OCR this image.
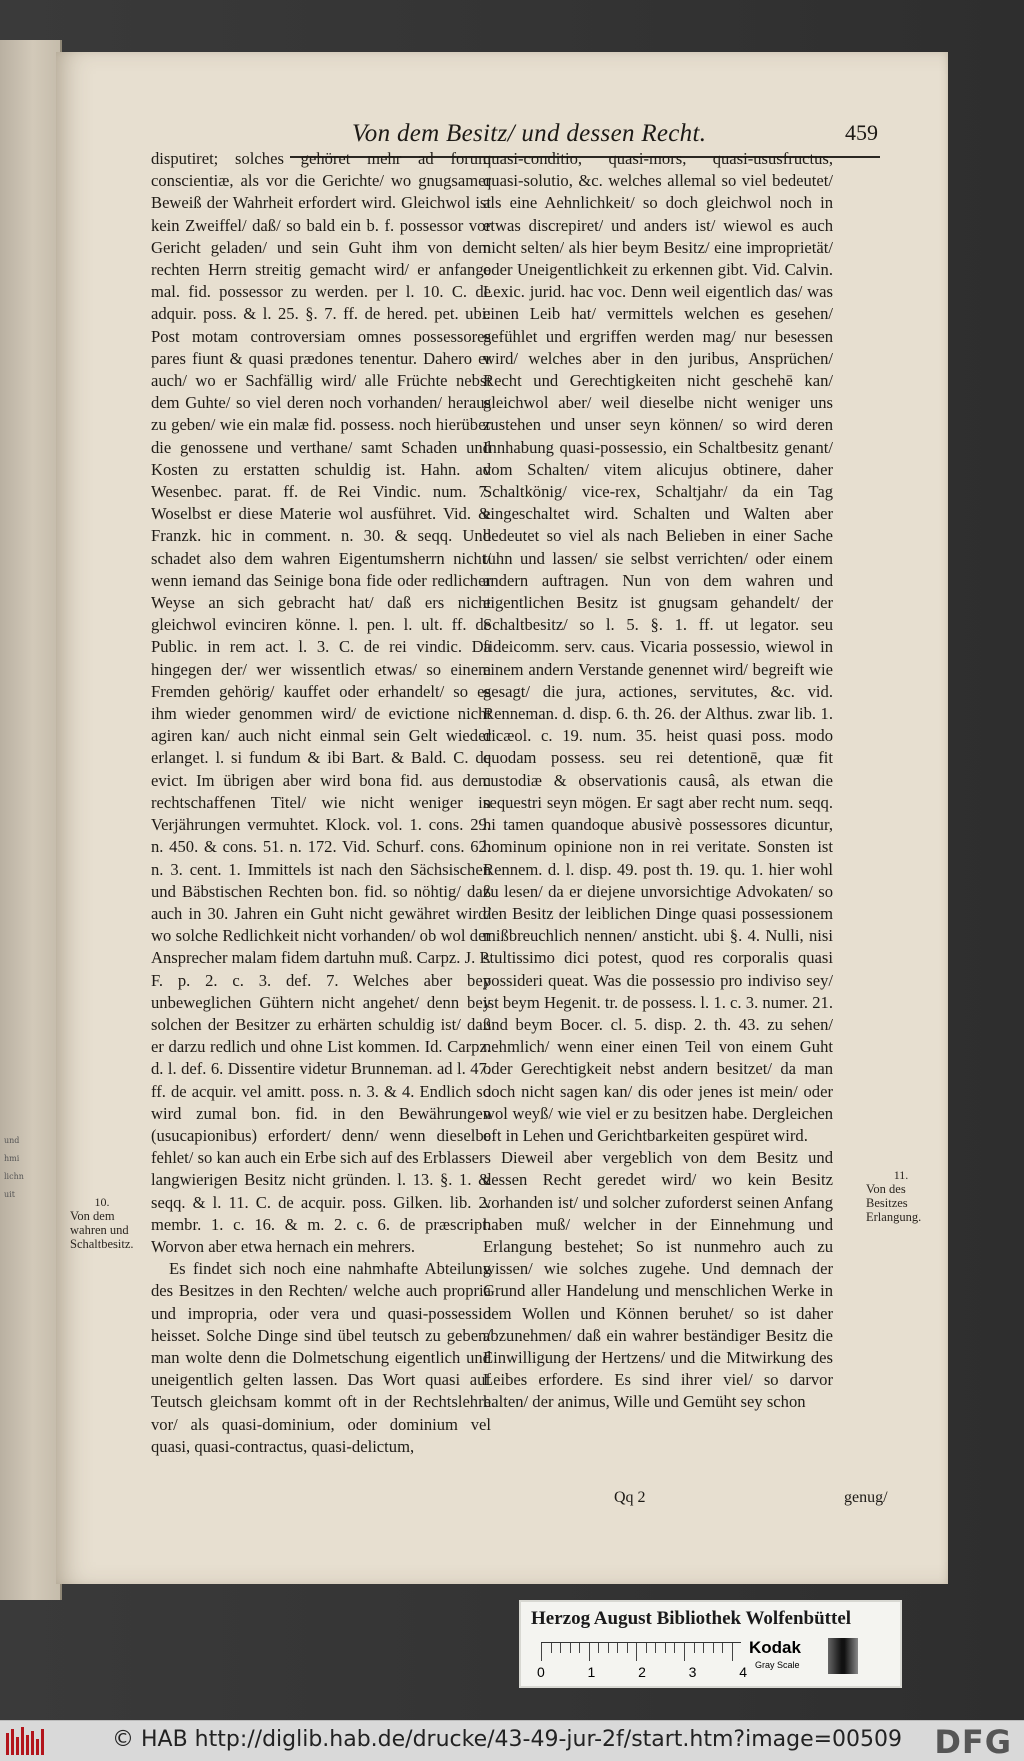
und
hmi
lichn
uit
Von dem Besitz/ und dessen Recht.	459

disputiret; solches gehöret mehr ad forum conscientiæ, als vor die Gerichte/ wo gnugsamer Beweiß der Wahrheit erfordert wird. Gleichwol ist kein Zweiffel/ daß/ so bald ein b. f. possessor vor Gericht geladen/ und sein Guht ihm von dem rechten Herrn streitig gemacht wird/ er anfange mal. fid. possessor zu werden. per l. 10. C. de adquir. poss. & l. 25. §. 7. ff. de hered. pet. ubi: Post motam controversiam omnes possessores pares fiunt & quasi prædones tenentur. Dahero er auch/ wo er Sachfällig wird/ alle Früchte nebst dem Guhte/ so viel deren noch vorhanden/ heraus zu geben/ wie ein malæ fid. possess. noch hierüber die genossene und verthane/ samt Schaden und Kosten zu erstatten schuldig ist. Hahn. ad Wesenbec. parat. ff. de Rei Vindic. num. 7. Woselbst er diese Materie wol ausführet. Vid. & Franzk. hic in comment. n. 30. & seqq. Und schadet also dem wahren Eigentumsherrn nicht/ wenn iemand das Seinige bona fide oder redlicher Weyse an sich gebracht hat/ daß ers nicht gleichwol evinciren könne. l. pen. l. ult. ff. de Public. in rem act. l. 3. C. de rei vindic. Da hingegen der/ wer wissentlich etwas/ so einem Fremden gehörig/ kauffet oder erhandelt/ so es ihm wieder genommen wird/ de evictione nicht agiren kan/ auch nicht einmal sein Gelt wieder erlanget. l. si fundum & ibi Bart. & Bald. C. de evict. Im übrigen aber wird bona fid. aus dem rechtschaffenen Titel/ wie nicht weniger in Verjährungen vermuhtet. Klock. vol. 1. cons. 29. n. 450. & cons. 51. n. 172. Vid. Schurf. cons. 62. n. 3. cent. 1. Immittels ist nach den Sächsischen und Bäbstischen Rechten bon. fid. so nöhtig/ daß auch in 30. Jahren ein Guht nicht gewähret wird/ wo solche Redlichkeit nicht vorhanden/ ob wol der Ansprecher malam fidem dartuhn muß. Carpz. J. P. F. p. 2. c. 3. def. 7. Welches aber bey unbeweglichen Gühtern nicht angehet/ denn bey solchen der Besitzer zu erhärten schuldig ist/ daß er darzu redlich und ohne List kommen. Id. Carpz. d. l. def. 6. Dissentire videtur Brunneman. ad l. 47. ff. de acquir. vel amitt. poss. n. 3. & 4. Endlich so wird zumal bon. fid. in den Bewährungen (usucapionibus) erfordert/ denn/ wenn dieselbe fehlet/ so kan auch ein Erbe sich auf des Erblassers langwierigen Besitz nicht gründen. l. 13. §. 1. & seqq. & l. 11. C. de acquir. poss. Gilken. lib. 2. membr. 1. c. 16. & m. 2. c. 6. de præscript. Worvon aber etwa hernach ein mehrers.

Es findet sich noch eine nahmhafte Abteilung des Besitzes in den Rechten/ welche auch propria und impropria, oder vera und quasi-possessio heisset. Solche Dinge sind übel teutsch zu geben/ man wolte denn die Dolmetschung eigentlich und uneigentlich gelten lassen. Das Wort quasi auf Teutsch gleichsam kommt oft in der Rechtslehre vor/ als quasi-dominium, oder dominium vel quasi, quasi-contractus, quasi-delictum,

quasi-conditio, quasi-mors, quasi-ususfructus, quasi-solutio, &c. welches allemal so viel bedeutet/ als eine Aehnlichkeit/ so doch gleichwol noch in etwas discrepiret/ und anders ist/ wiewol es auch nicht selten/ als hier beym Besitz/ eine improprietät/ oder Uneigentlichkeit zu erkennen gibt. Vid. Calvin. Lexic. jurid. hac voc. Denn weil eigentlich das/ was einen Leib hat/ vermittels welchen es gesehen/ gefühlet und ergriffen werden mag/ nur besessen wird/ welches aber in den juribus, Ansprüchen/ Recht und Gerechtigkeiten nicht geschehē kan/ gleichwol aber/ weil dieselbe nicht weniger uns zustehen und unser seyn können/ so wird deren Innhabung quasi-possessio, ein Schaltbesitz genant/ vom Schalten/ vitem alicujus obtinere, daher Schaltkönig/ vice-rex, Schaltjahr/ da ein Tag eingeschaltet wird. Schalten und Walten aber bedeutet so viel als nach Belieben in einer Sache tuhn und lassen/ sie selbst verrichten/ oder einem andern auftragen. Nun von dem wahren und eigentlichen Besitz ist gnugsam gehandelt/ der Schaltbesitz/ so l. 5. §. 1. ff. ut legator. seu fideicomm. serv. caus. Vicaria possessio, wiewol in einem andern Verstande genennet wird/ begreift wie gesagt/ die jura, actiones, servitutes, &c. vid. Renneman. d. disp. 6. th. 26. der Althus. zwar lib. 1. dicæol. c. 19. num. 35. heist quasi poss. modo quodam possess. seu rei detentionē, quæ fit custodiæ & observationis causâ, als etwan die sequestri seyn mögen. Er sagt aber recht num. seqq. hi tamen quandoque abusivè possessores dicuntur, hominum opinione non in rei veritate. Sonsten ist Rennem. d. l. disp. 49. post th. 19. qu. 1. hier wohl zu lesen/ da er diejene unvorsichtige Advokaten/ so den Besitz der leiblichen Dinge quasi possessionem mißbreuchlich nennen/ ansticht. ubi §. 4. Nulli, nisi stultissimo dici potest, quod res corporalis quasi possideri queat. Was die possessio pro indiviso sey/ ist beym Hegenit. tr. de possess. l. 1. c. 3. numer. 21. und beym Bocer. cl. 5. disp. 2. th. 43. zu sehen/ nehmlich/ wenn einer einen Teil von einem Guht oder Gerechtigkeit nebst andern besitzet/ da man doch nicht sagen kan/ dis oder jenes ist mein/ oder wol weyß/ wie viel er zu besitzen habe. Dergleichen oft in Lehen und Gerichtbarkeiten gespüret wird.

Dieweil aber vergeblich von dem Besitz und dessen Recht geredet wird/ wo kein Besitz vorhanden ist/ und solcher zuforderst seinen Anfang haben muß/ welcher in der Einnehmung und Erlangung bestehet; So ist nunmehro auch zu wissen/ wie solches zugehe. Und demnach der Grund aller Handelung und menschlichen Werke in dem Wollen und Können beruhet/ so ist daher abzunehmen/ daß ein wahrer beständiger Besitz die Einwilligung der Hertzens/ und die Mitwirkung des Leibes erfordere. Es sind ihrer viel/ so darvor halten/ der animus, Wille und Gemüht sey schon

10.
Von dem wahren und Schaltbesitz.
11.
Von des Besitzes Erlangung.
Qq 2	genug/
Herzog August Bibliothek Wolfenbüttel
0	1	2	3	4
Kodak
Gray Scale
© HAB http://diglib.hab.de/drucke/43-49-jur-2f/start.htm?image=00509 DFG
